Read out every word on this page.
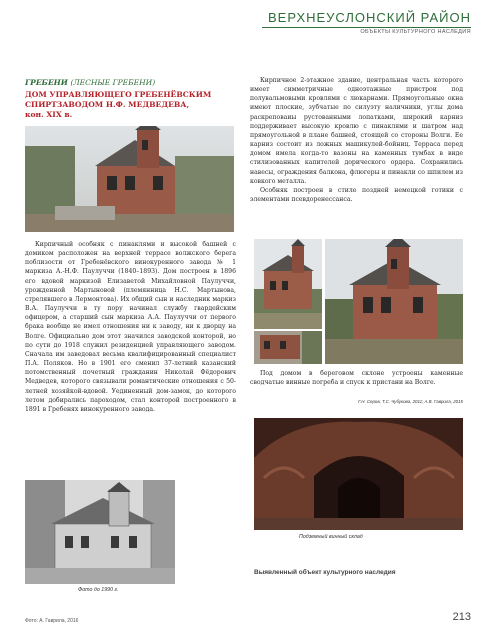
ВЕРХНЕУСЛОНСКИЙ РАЙОН
ОБЪЕКТЫ КУЛЬТУРНОГО НАСЛЕДИЯ
ГРЕБЕНИ (ЛЕСНЫЕ ГРЕБЕНИ)
ДОМ УПРАВЛЯЮЩЕГО ГРЕБЕНЁВСКИМ СПИРТЗАВОДОМ Н.Ф. МЕДВЕДЕВА,
кон. XIX в.

Кирпичное 2-этажное здание, центральная часть которого имеет симметричные одноэтажные пристрои под полувальмовыми кровлями с люкарнами. Прямоугольные окна имеют плоские, зубчатые по силуэту наличники, углы дома раскреповаиы рустованными лопатками, широкий карниз поддерживает высокую кровлю с пинаклями и шатром над прямоугольной в плане башней, стоящей со стороны Волги. Ее карниз состоит из ложных машикулей-бойниц. Терраса перед домом имела когда-то вазоны на каменных тумбах в виде стилизованных капителей дорического ордера. Сохранились навесы, ограждения балкона, флюгеры и пинакли со шпилем из ковкого металла.

Особняк построен в стиле поздней немецкой готики с элементами псевдоренессанса.

Кирпичный особняк с пинаклями и высокой башней с домиком расположен на верхней террасе волжского берега поблизости от Гребенёвского винокуренного завода № 1 маркиза А.-Н.Ф. Паулуччи (1840–1893). Дом построен в 1896 его вдовой маркизой Елизаветой Михайловной Паулуччи, урожденной Мартыновой (племянница Н.С. Мартынова, стрелявшего в Лермонтова). Их общий сын и наследник маркиз В.А. Паулуччи в ту пору начинал службу гвардейским офицером, а старший сын маркиза А.А. Паулуччи от первого брака вообще не имел отношения ни к заводу, ни к дворцу на Волге. Официально дом этот значился заводской конторой, но по сути до 1918 служил резиденцией управляющего заводом. Сначала им заведовал весьма квалифицированный специалист П.А. Поляков. Но в 1901 его сменил 37-летний казанский потомственный почетный гражданин Николай Фёдорович Медведев, которого связывали романтические отношения с 50-летней хозяйкой-вдовой. Уединенный дом-замок, до которого летом добирались пароходом, стал конторой построенного в 1891 в Гребенях винокуренного завода.

Под домом в береговом склоне устроены каменные сводчатые винные погреба и спуск к пристани на Волге.

Г.Н. Серов, Т.С. Чубукова, 2011; А.В. Гаврила, 2015
Подземный винный склад
Фото до 1990 г.
Выявленный объект культурного наследия
Фото: А. Гаврила, 2016	213
